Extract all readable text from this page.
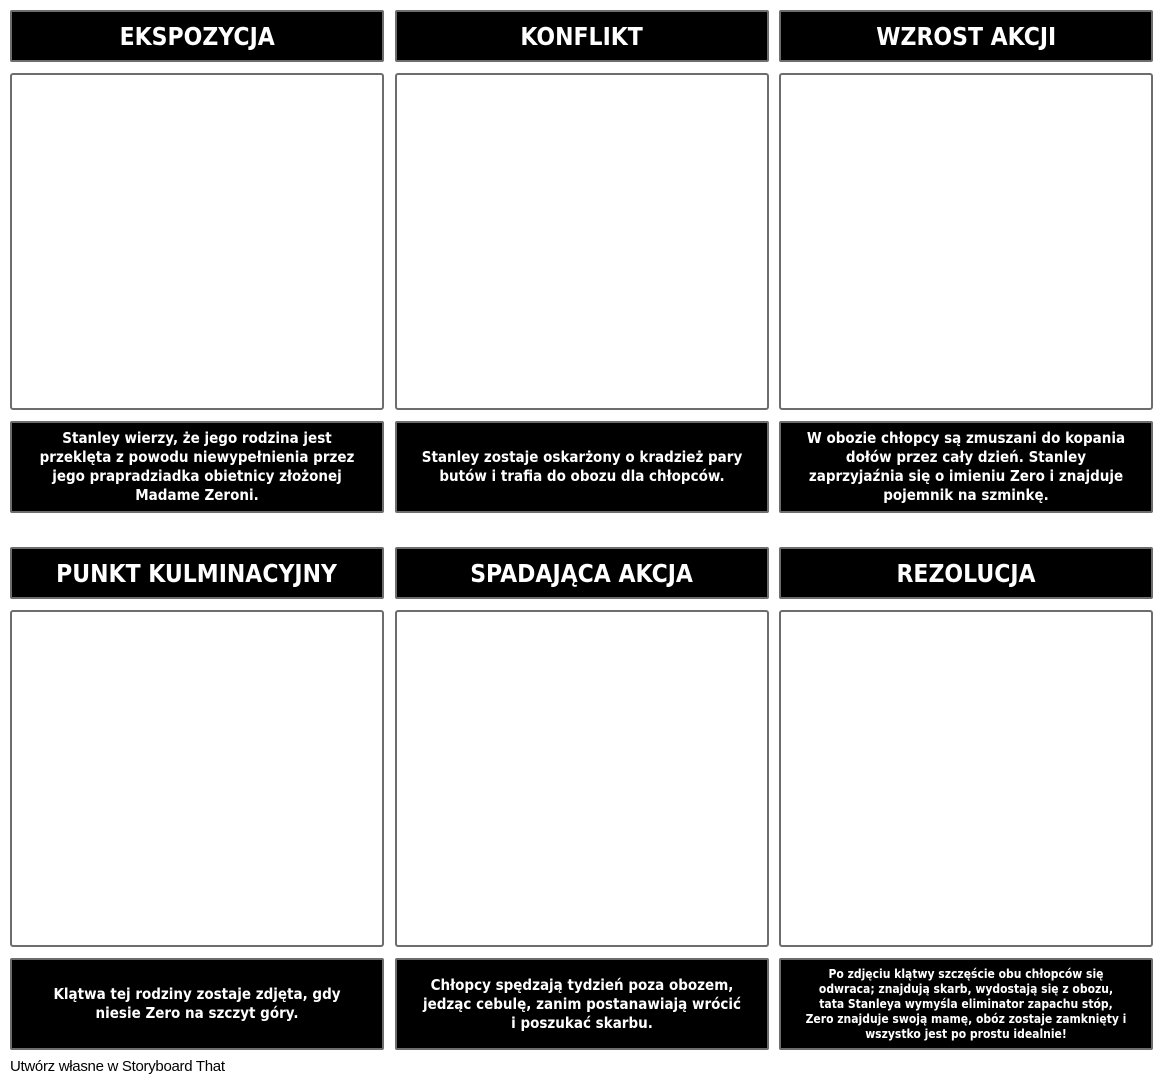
EKSPOZYCJA
Stanley wierzy, że jego rodzina jest przeklęta z powodu niewypełnienia przez jego prapradziadka obietnicy złożonej Madame Zeroni.
KONFLIKT
Stanley zostaje oskarżony o kradzież pary butów i trafia do obozu dla chłopców.
WZROST AKCJI
W obozie chłopcy są zmuszani do kopania dołów przez cały dzień. Stanley zaprzyjaźnia się o imieniu Zero i znajduje pojemnik na szminkę.
PUNKT KULMINACYJNY
Klątwa tej rodziny zostaje zdjęta, gdy niesie Zero na szczyt góry.
SPADAJĄCA AKCJA
Chłopcy spędzają tydzień poza obozem, jedząc cebulę, zanim postanawiają wrócić i poszukać skarbu.
REZOLUCJA
Po zdjęciu klątwy szczęście obu chłopców się odwraca; znajdują skarb, wydostają się z obozu, tata Stanleya wymyśla eliminator zapachu stóp, Zero znajduje swoją mamę, obóz zostaje zamknięty i wszystko jest po prostu idealnie!
Utwórz własne w Storyboard That
